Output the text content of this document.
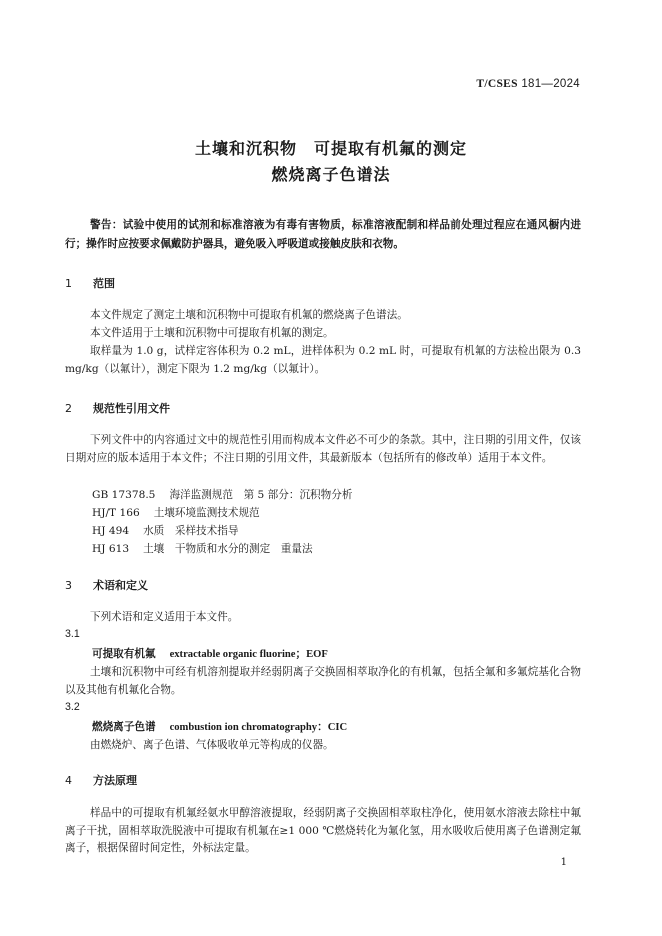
T/CSES 181—2024
土壤和沉积物　可提取有机氟的测定
燃烧离子色谱法
警告：试验中使用的试剂和标准溶液为有毒有害物质，标准溶液配制和样品前处理过程应在通风橱内进行；操作时应按要求佩戴防护器具，避免吸入呼吸道或接触皮肤和衣物。
1 范围
本文件规定了测定土壤和沉积物中可提取有机氟的燃烧离子色谱法。
本文件适用于土壤和沉积物中可提取有机氟的测定。
取样量为 1.0 g，试样定容体积为 0.2 mL，进样体积为 0.2 mL 时，可提取有机氟的方法检出限为 0.3 mg/kg（以氟计），测定下限为 1.2 mg/kg（以氟计）。
2 规范性引用文件
下列文件中的内容通过文中的规范性引用而构成本文件必不可少的条款。其中，注日期的引用文件，仅该日期对应的版本适用于本文件；不注日期的引用文件，其最新版本（包括所有的修改单）适用于本文件。
GB 17378.5 海洋监测规范　第 5 部分：沉积物分析
HJ/T 166 土壤环境监测技术规范
HJ 494 水质　采样技术指导
HJ 613 土壤　干物质和水分的测定　重量法
3 术语和定义
下列术语和定义适用于本文件。
3.1
可提取有机氟 extractable organic fluorine；EOF
土壤和沉积物中可经有机溶剂提取并经弱阴离子交换固相萃取净化的有机氟，包括全氟和多氟烷基化合物以及其他有机氟化合物。
3.2
燃烧离子色谱 combustion ion chromatography：CIC
由燃烧炉、离子色谱、气体吸收单元等构成的仪器。
4 方法原理
样品中的可提取有机氟经氨水甲醇溶液提取，经弱阴离子交换固相萃取柱净化，使用氨水溶液去除柱中氟离子干扰，固相萃取洗脱液中可提取有机氟在≥1 000 ℃燃烧转化为氟化氢，用水吸收后使用离子色谱测定氟离子，根据保留时间定性，外标法定量。
1
